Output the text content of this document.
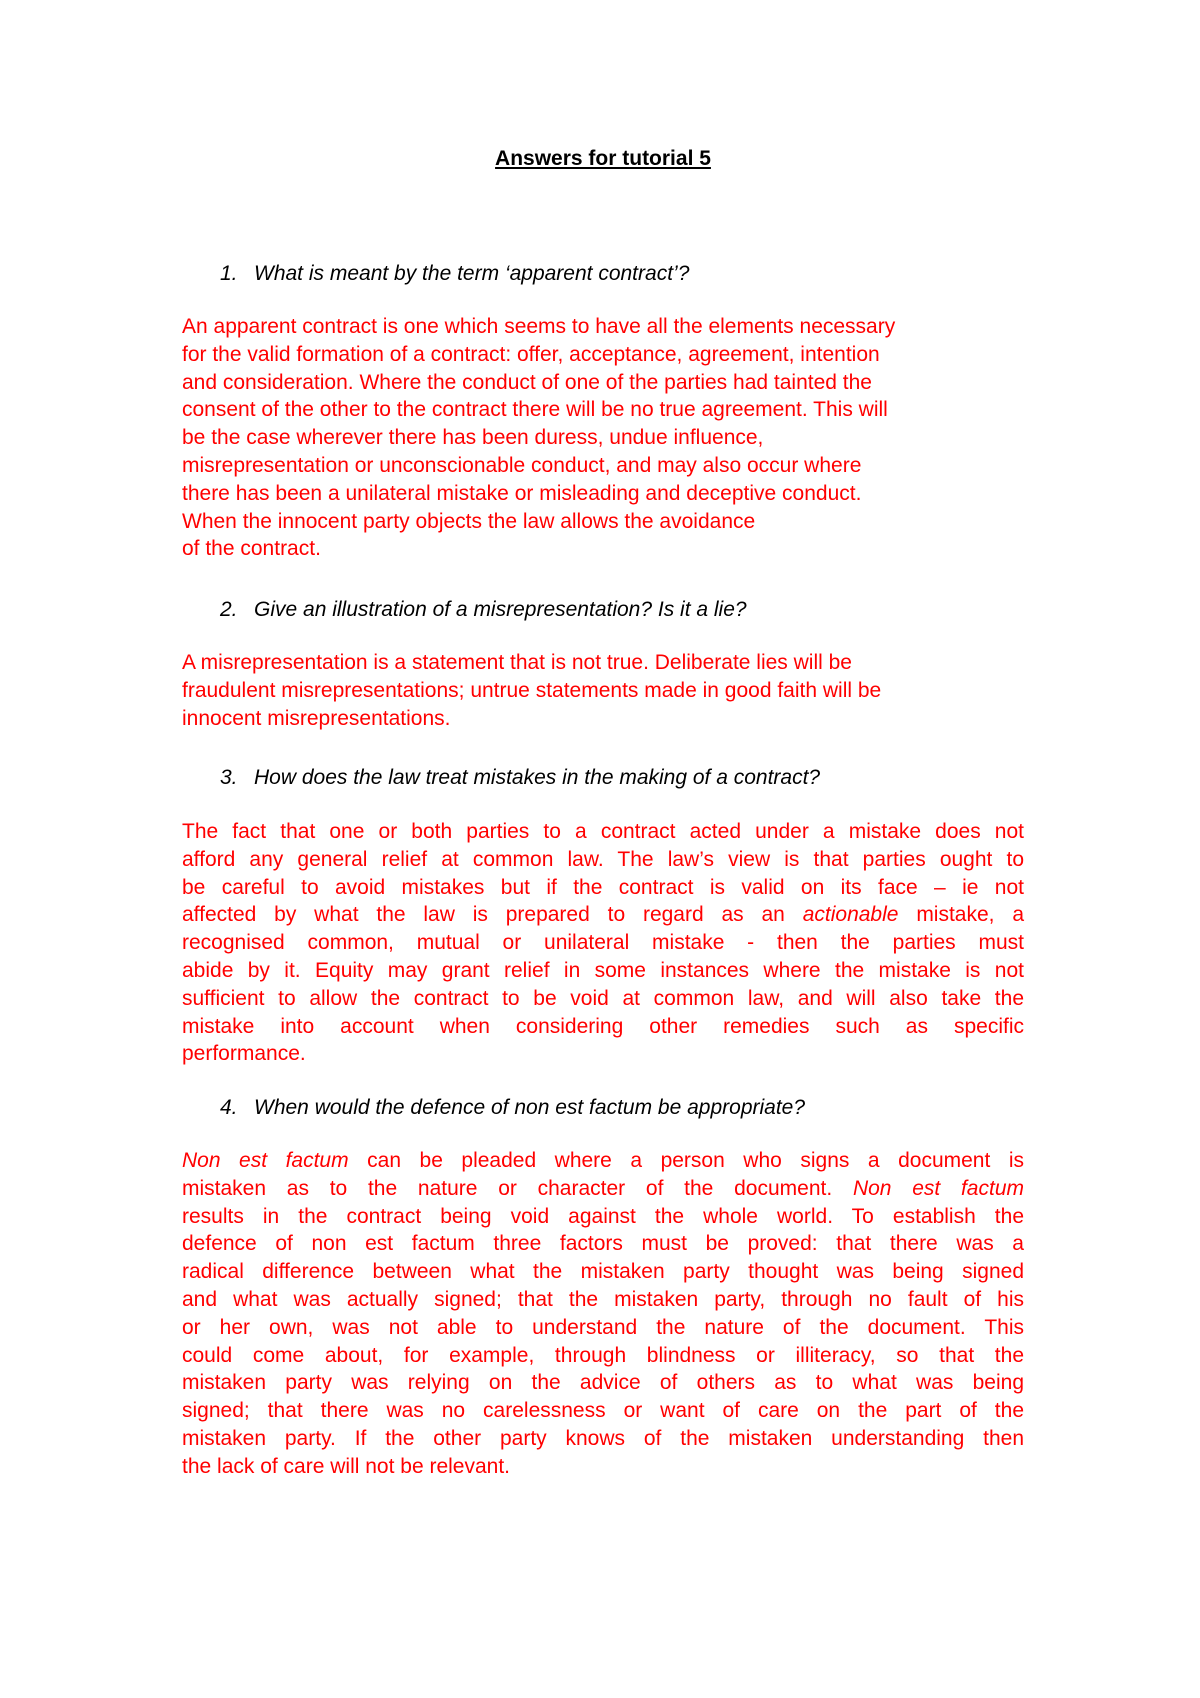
Answers for tutorial 5

1. What is meant by the term ‘apparent contract’?

An apparent contract is one which seems to have all the elements necessary
for the valid formation of a contract: offer, acceptance, agreement, intention
and consideration. Where the conduct of one of the parties had tainted the
consent of the other to the contract there will be no true agreement. This will
be the case wherever there has been duress, undue influence,
misrepresentation or unconscionable conduct, and may also occur where
there has been a unilateral mistake or misleading and deceptive conduct.
When the innocent party objects the law allows the avoidance
of the contract.

2. Give an illustration of a misrepresentation? Is it a lie?

A misrepresentation is a statement that is not true. Deliberate lies will be
fraudulent misrepresentations; untrue statements made in good faith will be
innocent misrepresentations.

3. How does the law treat mistakes in the making of a contract?

The fact that one or both parties to a contract acted under a mistake does not
afford any general relief at common law. The law’s view is that parties ought to
be careful to avoid mistakes but if the contract is valid on its face – ie not
affected by what the law is prepared to regard as an actionable mistake, a
recognised common, mutual or unilateral mistake - then the parties must
abide by it. Equity may grant relief in some instances where the mistake is not
sufficient to allow the contract to be void at common law, and will also take the
mistake into account when considering other remedies such as specific
performance.

4. When would the defence of non est factum be appropriate?

Non est factum can be pleaded where a person who signs a document is
mistaken as to the nature or character of the document. Non est factum
results in the contract being void against the whole world. To establish the
defence of non est factum three factors must be proved: that there was a
radical difference between what the mistaken party thought was being signed
and what was actually signed; that the mistaken party, through no fault of his
or her own, was not able to understand the nature of the document. This
could come about, for example, through blindness or illiteracy, so that the
mistaken party was relying on the advice of others as to what was being
signed; that there was no carelessness or want of care on the part of the
mistaken party. If the other party knows of the mistaken understanding then
the lack of care will not be relevant.
